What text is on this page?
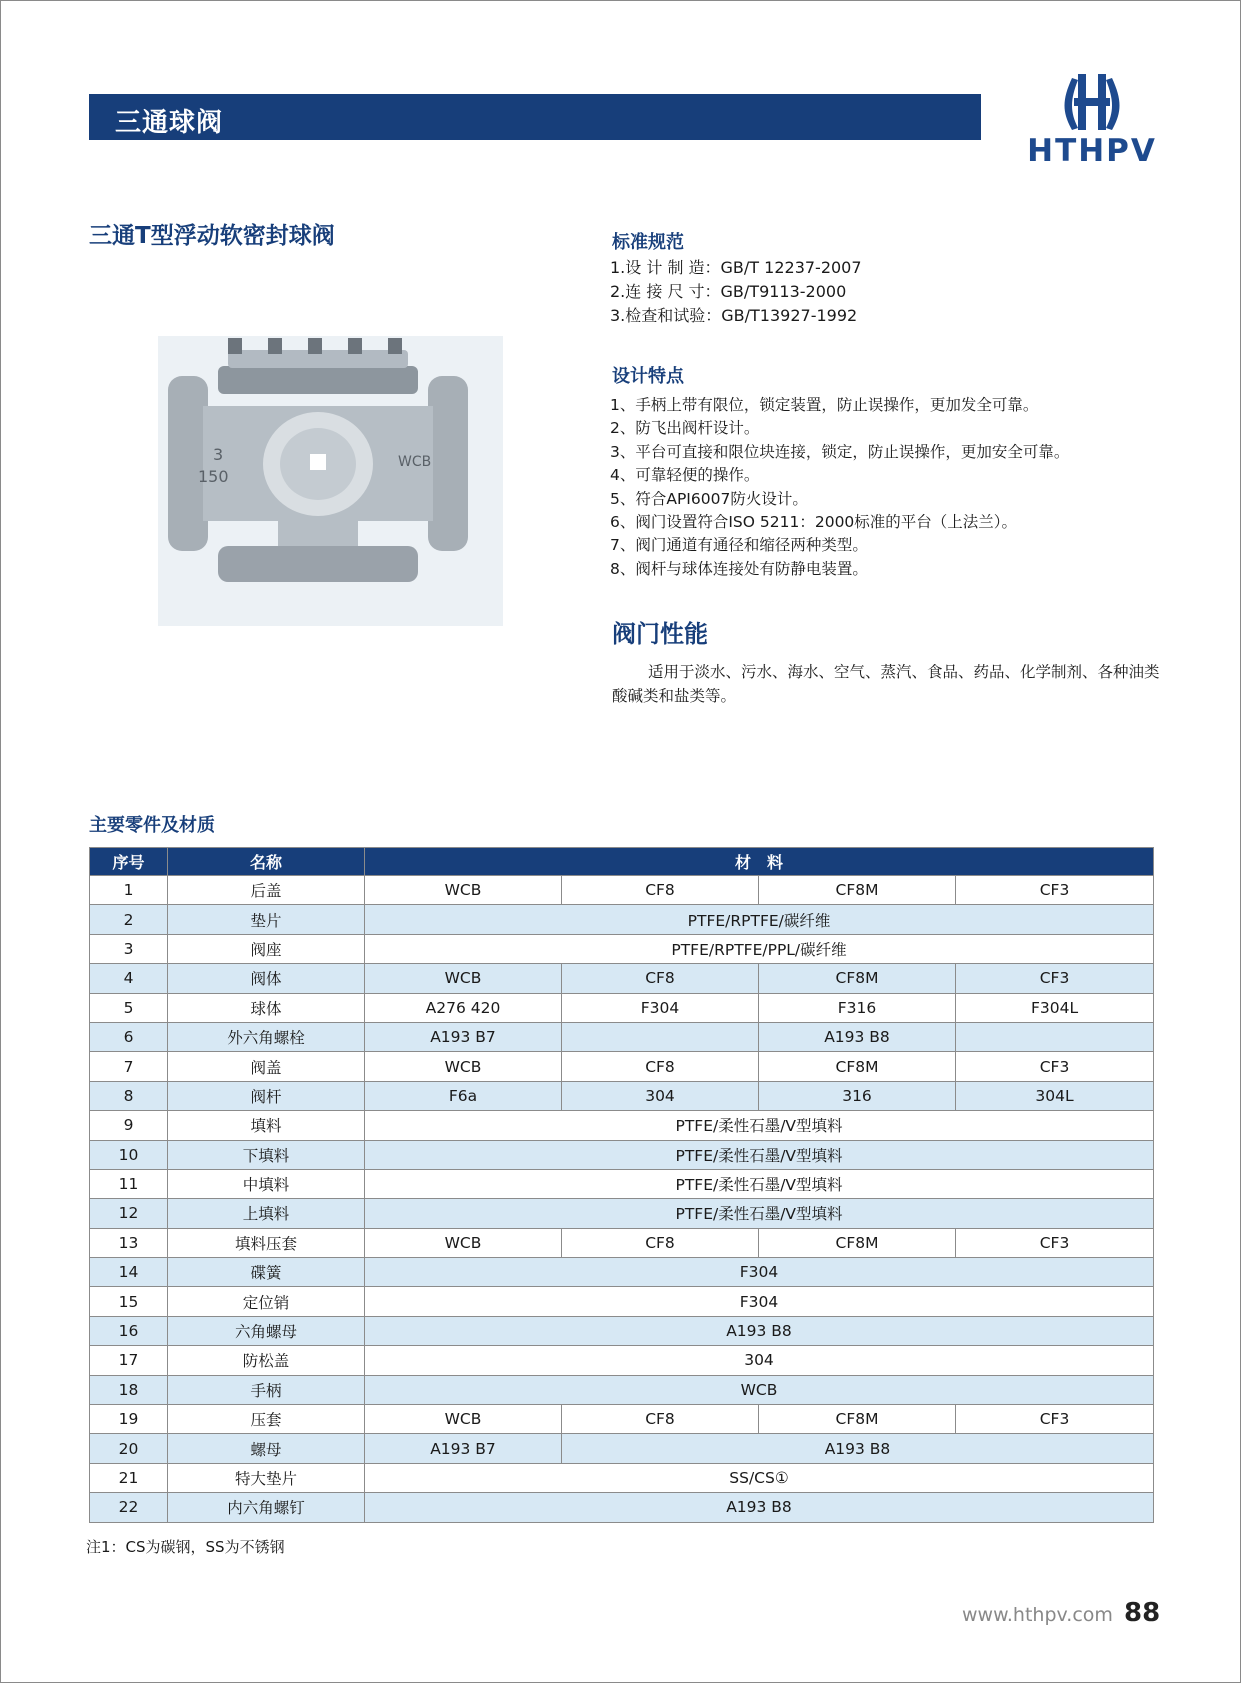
三通球阀
HTHPV
三通T型浮动软密封球阀
3
150
WCB
标准规范
1.设 计 制 造：GB/T 12237-2007
2.连 接 尺 寸：GB/T9113-2000
3.检查和试验：GB/T13927-1992
设计特点
1、手柄上带有限位，锁定装置，防止误操作，更加发全可靠。
2、防飞出阀杆设计。
3、平台可直接和限位块连接，锁定，防止误操作，更加安全可靠。
4、可靠轻便的操作。
5、符合API6007防火设计。
6、阀门设置符合ISO 5211：2000标准的平台（上法兰）。
7、阀门通道有通径和缩径两种类型。
8、阀杆与球体连接处有防静电装置。
阀门性能
适用于淡水、污水、海水、空气、蒸汽、食品、药品、化学制剂、各种油类酸碱类和盐类等。
主要零件及材质
序号	名称	材　料			
1	后盖	WCB	CF8	CF8M	CF3
2	垫片	PTFE/RPTFE/碳纤维			
3	阀座	PTFE/RPTFE/PPL/碳纤维			
4	阀体	WCB	CF8	CF8M	CF3
5	球体	A276 420	F304	F316	F304L
6	外六角螺栓	A193 B7		A193 B8	
7	阀盖	WCB	CF8	CF8M	CF3
8	阀杆	F6a	304	316	304L
9	填料	PTFE/柔性石墨/V型填料			
10	下填料	PTFE/柔性石墨/V型填料			
11	中填料	PTFE/柔性石墨/V型填料			
12	上填料	PTFE/柔性石墨/V型填料			
13	填料压套	WCB	CF8	CF8M	CF3
14	碟簧	F304			
15	定位销	F304			
16	六角螺母	A193 B8			
17	防松盖	304			
18	手柄	WCB			
19	压套	WCB	CF8	CF8M	CF3
20	螺母	A193 B7	A193 B8		
21	特大垫片	SS/CS①			
22	内六角螺钉	A193 B8			
注1：CS为碳钢，SS为不锈钢
www.hthpv.com 88
